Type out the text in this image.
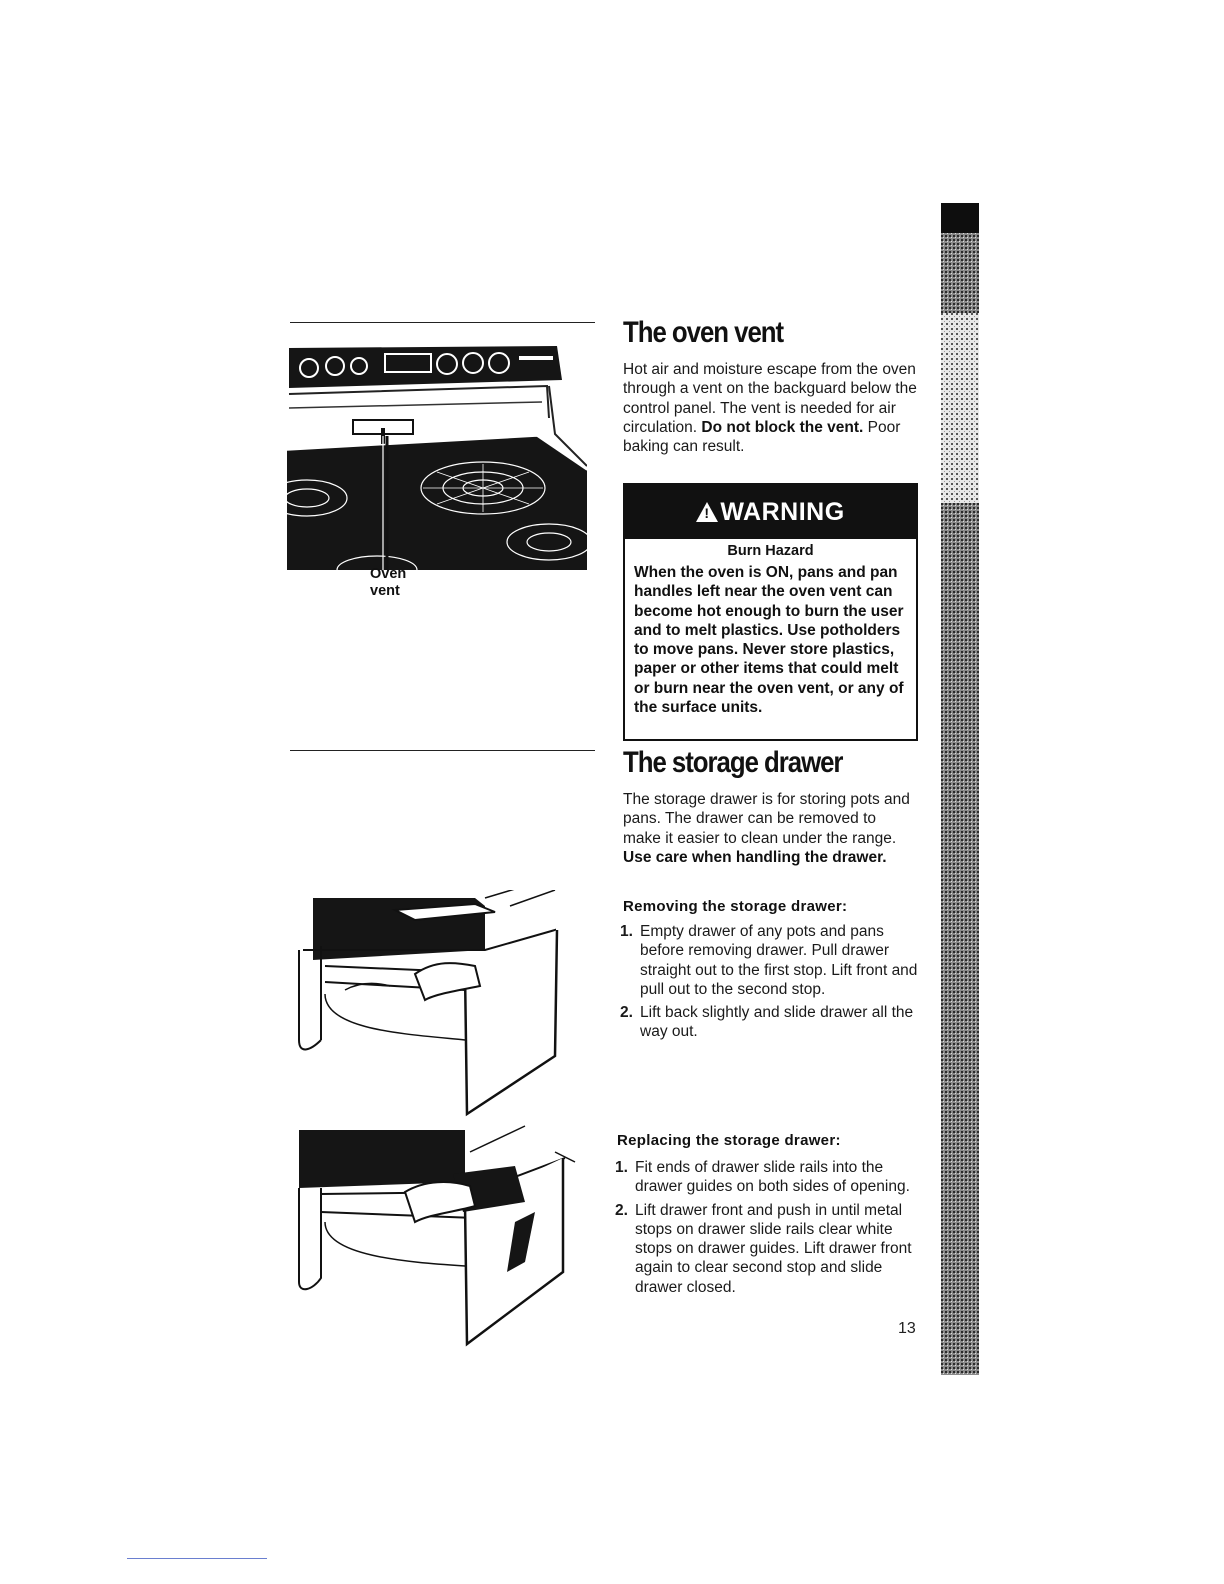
Oven
vent
The oven vent
Hot air and moisture escape from the oven through a vent on the backguard below the control panel. The vent is needed for air circulation. Do not block the vent. Poor baking can result.
! WARNING
Burn Hazard
When the oven is ON, pans and pan handles left near the oven vent can become hot enough to burn the user and to melt plastics. Use potholders to move pans. Never store plastics, paper or other items that could melt or burn near the oven vent, or any of the surface units.
The storage drawer
The storage drawer is for storing pots and pans. The drawer can be removed to make it easier to clean under the range. Use care when handling the drawer.
Removing the storage drawer:
1. Empty drawer of any pots and pans before removing drawer. Pull drawer straight out to the first stop. Lift front and pull out to the second stop.
2. Lift back slightly and slide drawer all the way out.
Replacing the storage drawer:
1. Fit ends of drawer slide rails into the drawer guides on both sides of opening.
2. Lift drawer front and push in until metal stops on drawer slide rails clear white stops on drawer guides. Lift drawer front again to clear second stop and slide drawer closed.
13
